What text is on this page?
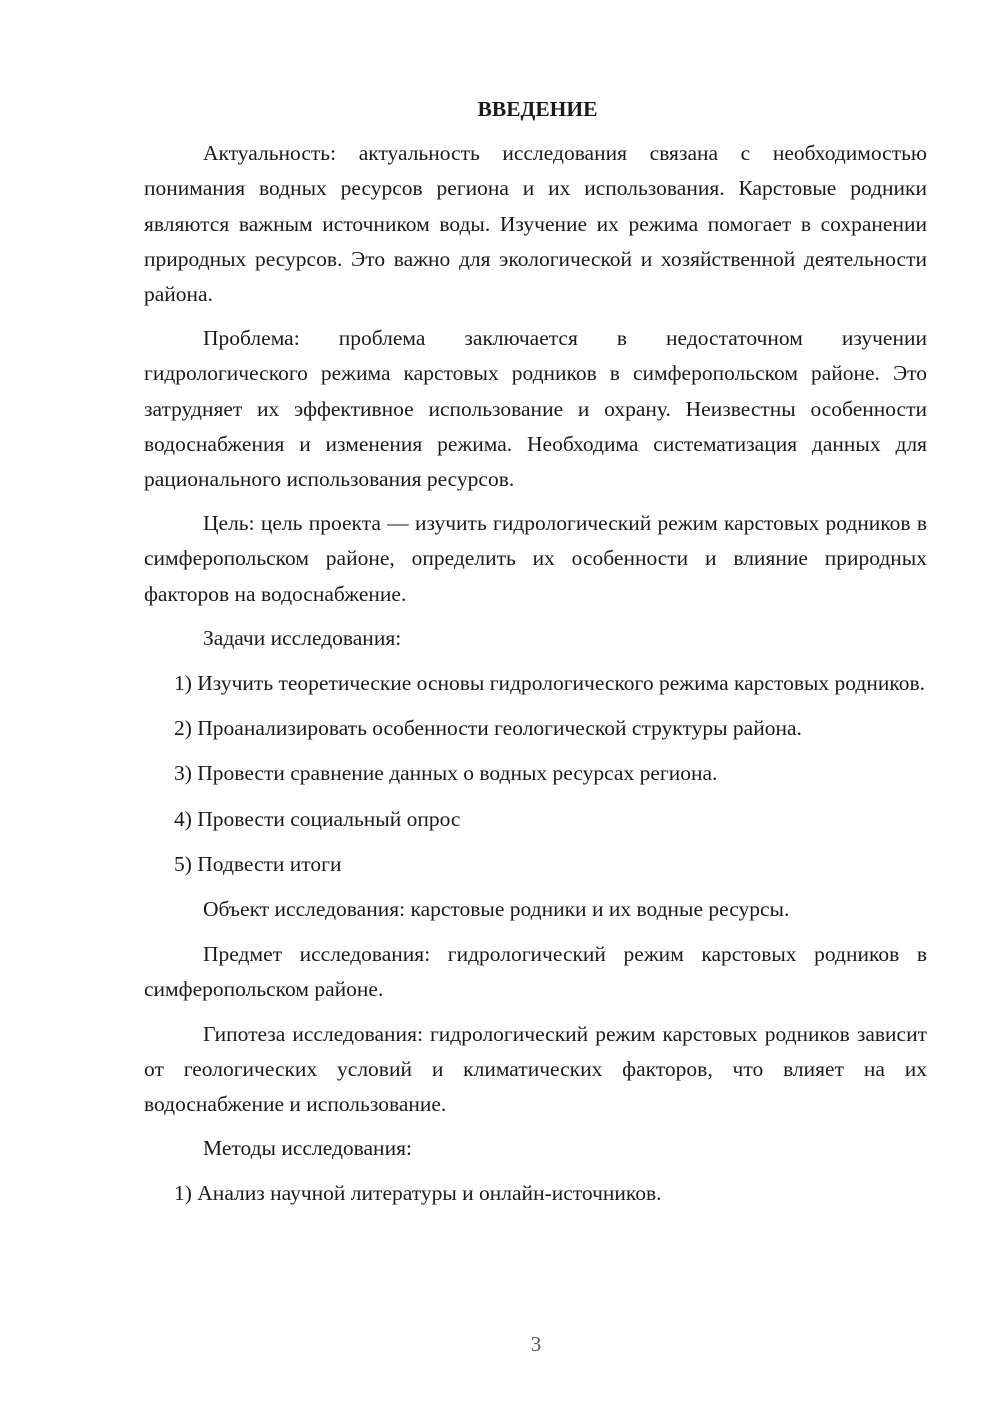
ВВЕДЕНИЕ

Актуальность: актуальность исследования связана с необходимостью понимания водных ресурсов региона и их использования. Карстовые родники являются важным источником воды. Изучение их режима помогает в сохранении природных ресурсов. Это важно для экологической и хозяйственной деятельности района.

Проблема: проблема заключается в недостаточном изучении гидрологического режима карстовых родников в симферопольском районе. Это затрудняет их эффективное использование и охрану. Неизвестны особенности водоснабжения и изменения режима. Необходима систематизация данных для рационального использования ресурсов.

Цель: цель проекта — изучить гидрологический режим карстовых родников в симферопольском районе, определить их особенности и влияние природных факторов на водоснабжение.

Задачи исследования:

1) Изучить теоретические основы гидрологического режима карстовых родников.

2) Проанализировать особенности геологической структуры района.

3) Провести сравнение данных о водных ресурсах региона.

4) Провести социальный опрос

5) Подвести итоги

Объект исследования: карстовые родники и их водные ресурсы.

Предмет исследования: гидрологический режим карстовых родников в симферопольском районе.

Гипотеза исследования: гидрологический режим карстовых родников зависит от геологических условий и климатических факторов, что влияет на их водоснабжение и использование.

Методы исследования:

1) Анализ научной литературы и онлайн-источников.

3
